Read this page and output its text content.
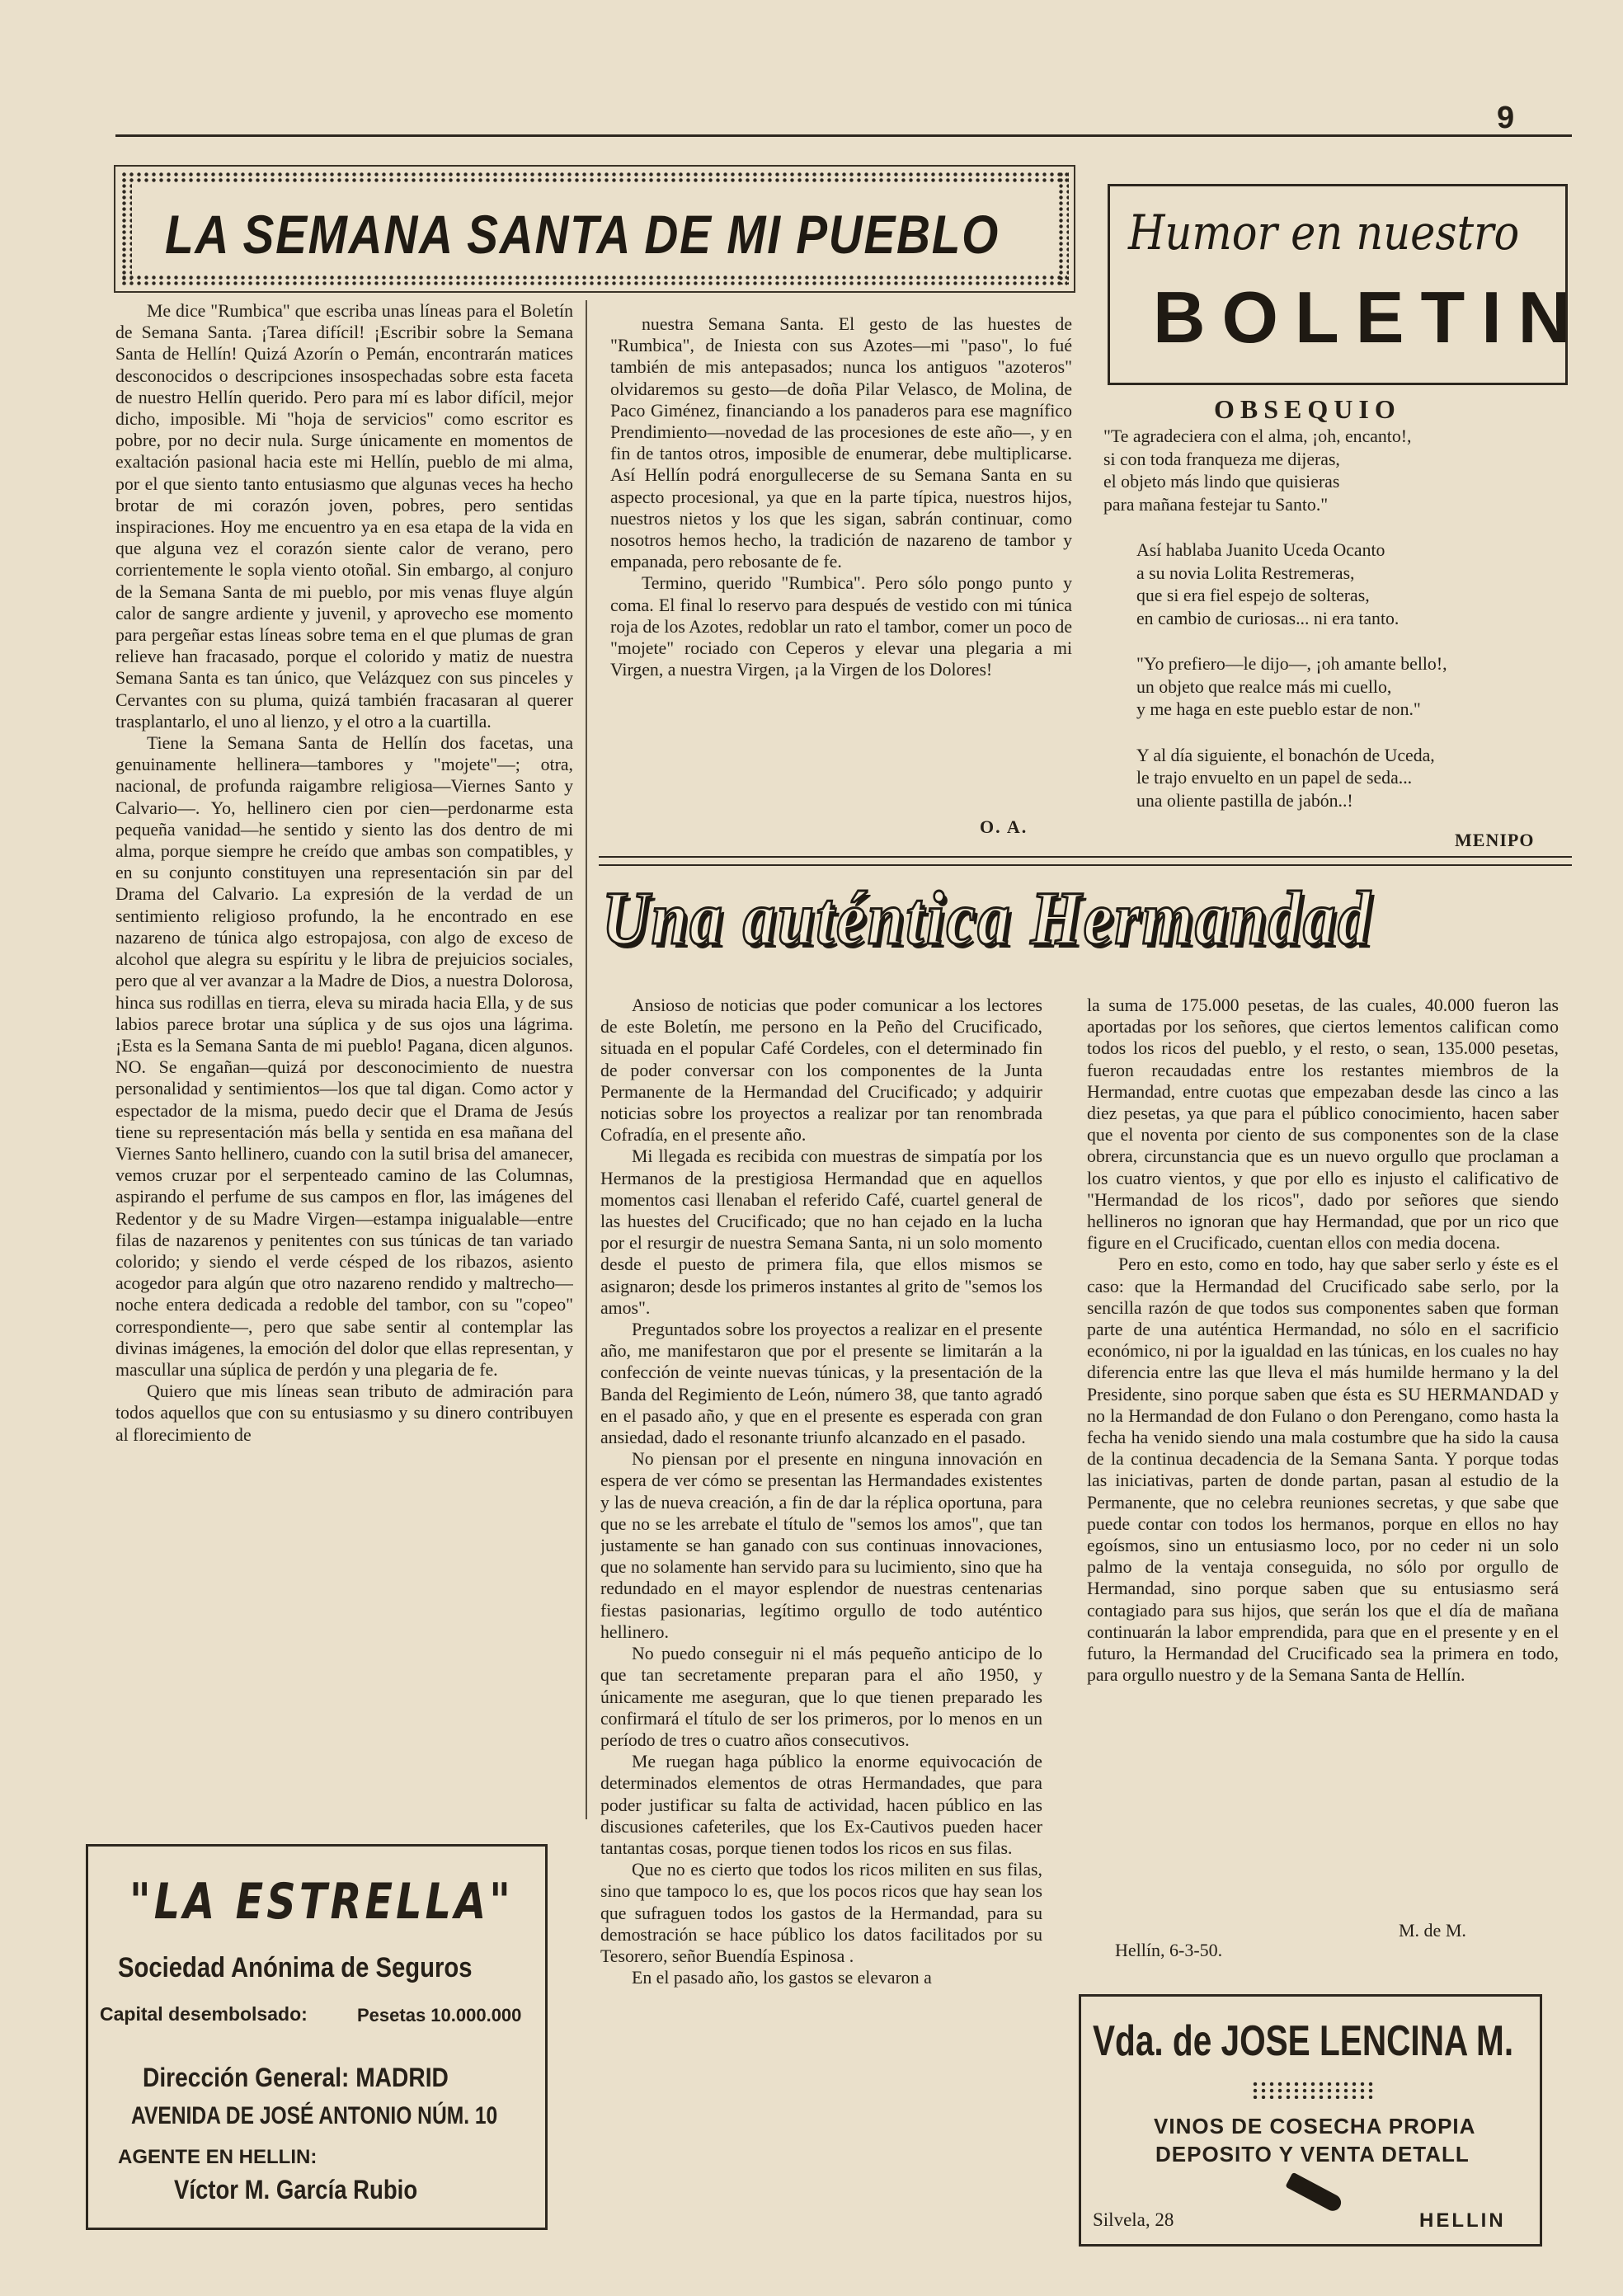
9
LA SEMANA SANTA DE MI PUEBLO

Me dice "Rumbica" que escriba unas líneas para el Boletín de Semana Santa. ¡Tarea difícil! ¡Escribir sobre la Semana Santa de Hellín! Quizá Azorín o Pemán, encontrarán matices desconocidos o descripciones insospechadas sobre esta faceta de nuestro Hellín querido. Pero para mí es labor difícil, mejor dicho, imposible. Mi "hoja de servicios" como escritor es pobre, por no decir nula. Surge únicamente en momentos de exaltación pasional hacia este mi Hellín, pueblo de mi alma, por el que siento tanto entusiasmo que algunas veces ha hecho brotar de mi corazón joven, pobres, pero sentidas inspiraciones. Hoy me encuentro ya en esa etapa de la vida en que alguna vez el corazón siente calor de verano, pero corrientemente le sopla viento otoñal. Sin embargo, al conjuro de la Semana Santa de mi pueblo, por mis venas fluye algún calor de sangre ardiente y juvenil, y aprovecho ese momento para pergeñar estas líneas sobre tema en el que plumas de gran relieve han fracasado, porque el colorido y matiz de nuestra Semana Santa es tan único, que Velázquez con sus pinceles y Cervantes con su pluma, quizá también fracasaran al querer trasplantarlo, el uno al lienzo, y el otro a la cuartilla.

Tiene la Semana Santa de Hellín dos facetas, una genuinamente hellinera—tambores y "mojete"—; otra, nacional, de profunda raigambre religiosa—Viernes Santo y Calvario—. Yo, hellinero cien por cien—perdonarme esta pequeña vanidad—he sentido y siento las dos dentro de mi alma, porque siempre he creído que ambas son compatibles, y en su conjunto constituyen una representación sin par del Drama del Calvario. La expresión de la verdad de un sentimiento religioso profundo, la he encontrado en ese nazareno de túnica algo estropajosa, con algo de exceso de alcohol que alegra su espíritu y le libra de prejuicios sociales, pero que al ver avanzar a la Madre de Dios, a nuestra Dolorosa, hinca sus rodillas en tierra, eleva su mirada hacia Ella, y de sus labios parece brotar una súplica y de sus ojos una lágrima. ¡Esta es la Semana Santa de mi pueblo! Pagana, dicen algunos. NO. Se engañan—quizá por desconocimiento de nuestra personalidad y sentimientos—los que tal digan. Como actor y espectador de la misma, puedo decir que el Drama de Jesús tiene su representación más bella y sentida en esa mañana del Viernes Santo hellinero, cuando con la sutil brisa del amanecer, vemos cruzar por el serpenteado camino de las Columnas, aspirando el perfume de sus campos en flor, las imágenes del Redentor y de su Madre Virgen—estampa inigualable—entre filas de nazarenos y penitentes con sus túnicas de tan variado colorido; y siendo el verde césped de los ribazos, asiento acogedor para algún que otro nazareno rendido y maltrecho—noche entera dedicada a redoble del tambor, con su "copeo" correspondiente—, pero que sabe sentir al contemplar las divinas imágenes, la emoción del dolor que ellas representan, y mascullar una súplica de perdón y una plegaria de fe.

Quiero que mis líneas sean tributo de admiración para todos aquellos que con su entusiasmo y su dinero contribuyen al florecimiento de

nuestra Semana Santa. El gesto de las huestes de "Rumbica", de Iniesta con sus Azotes—mi "paso", lo fué también de mis antepasados; nunca los antiguos "azoteros" olvidaremos su gesto—de doña Pilar Velasco, de Molina, de Paco Giménez, financiando a los panaderos para ese magnífico Prendimiento—novedad de las procesiones de este año—, y en fin de tantos otros, imposible de enumerar, debe multiplicarse. Así Hellín podrá enorgullecerse de su Semana Santa en su aspecto procesional, ya que en la parte típica, nuestros hijos, nuestros nietos y los que les sigan, sabrán continuar, como nosotros hemos hecho, la tradición de nazareno de tambor y empanada, pero rebosante de fe.

Termino, querido "Rumbica". Pero sólo pongo punto y coma. El final lo reservo para después de vestido con mi túnica roja de los Azotes, redoblar un rato el tambor, comer un poco de "mojete" rociado con Ceperos y elevar una plegaria a mi Virgen, a nuestra Virgen, ¡a la Virgen de los Dolores!

O. A.
Humor en nuestro
BOLETIN
OBSEQUIO
"Te agradeciera con el alma, ¡oh, encanto!,
si con toda franqueza me dijeras,
el objeto más lindo que quisieras
para mañana festejar tu Santo."
Así hablaba Juanito Uceda Ocanto
a su novia Lolita Restremeras,
que si era fiel espejo de solteras,
en cambio de curiosas... ni era tanto.
"Yo prefiero—le dijo—, ¡oh amante bello!,
un objeto que realce más mi cuello,
y me haga en este pueblo estar de non."
Y al día siguiente, el bonachón de Uceda,
le trajo envuelto en un papel de seda...
una oliente pastilla de jabón..!
MENIPO
Una auténtica Hermandad

Ansioso de noticias que poder comunicar a los lectores de este Boletín, me persono en la Peño del Crucificado, situada en el popular Café Cordeles, con el determinado fin de poder conversar con los componentes de la Junta Permanente de la Hermandad del Crucificado; y adquirir noticias sobre los proyectos a realizar por tan renombrada Cofradía, en el presente año.

Mi llegada es recibida con muestras de simpatía por los Hermanos de la prestigiosa Hermandad que en aquellos momentos casi llenaban el referido Café, cuartel general de las huestes del Crucificado; que no han cejado en la lucha por el resurgir de nuestra Semana Santa, ni un solo momento desde el puesto de primera fila, que ellos mismos se asignaron; desde los primeros instantes al grito de "semos los amos".

Preguntados sobre los proyectos a realizar en el presente año, me manifestaron que por el presente se limitarán a la confección de veinte nuevas túnicas, y la presentación de la Banda del Regimiento de León, número 38, que tanto agradó en el pasado año, y que en el presente es esperada con gran ansiedad, dado el resonante triunfo alcanzado en el pasado.

No piensan por el presente en ninguna innovación en espera de ver cómo se presentan las Hermandades existentes y las de nueva creación, a fin de dar la réplica oportuna, para que no se les arrebate el título de "semos los amos", que tan justamente se han ganado con sus continuas innovaciones, que no solamente han servido para su lucimiento, sino que ha redundado en el mayor esplendor de nuestras centenarias fiestas pasionarias, legítimo orgullo de todo auténtico hellinero.

No puedo conseguir ni el más pequeño anticipo de lo que tan secretamente preparan para el año 1950, y únicamente me aseguran, que lo que tienen preparado les confirmará el título de ser los primeros, por lo menos en un período de tres o cuatro años consecutivos.

Me ruegan haga público la enorme equivocación de determinados elementos de otras Hermandades, que para poder justificar su falta de actividad, hacen público en las discusiones cafeteriles, que los Ex-Cautivos pueden hacer tantantas cosas, porque tienen todos los ricos en sus filas.

Que no es cierto que todos los ricos militen en sus filas, sino que tampoco lo es, que los pocos ricos que hay sean los que sufraguen todos los gastos de la Hermandad, para su demostración se hace público los datos facilitados por su Tesorero, señor Buendía Espinosa .

En el pasado año, los gastos se elevaron a

la suma de 175.000 pesetas, de las cuales, 40.000 fueron las aportadas por los señores, que ciertos lementos califican como todos los ricos del pueblo, y el resto, o sean, 135.000 pesetas, fueron recaudadas entre los restantes miembros de la Hermandad, entre cuotas que empezaban desde las cinco a las diez pesetas, ya que para el público conocimiento, hacen saber que el noventa por ciento de sus componentes son de la clase obrera, circunstancia que es un nuevo orgullo que proclaman a los cuatro vientos, y que por ello es injusto el calificativo de "Hermandad de los ricos", dado por señores que siendo hellineros no ignoran que hay Hermandad, que por un rico que figure en el Crucificado, cuentan ellos con media docena.

Pero en esto, como en todo, hay que saber serlo y éste es el caso: que la Hermandad del Crucificado sabe serlo, por la sencilla razón de que todos sus componentes saben que forman parte de una auténtica Hermandad, no sólo en el sacrificio económico, ni por la igualdad en las túnicas, en los cuales no hay diferencia entre las que lleva el más humilde hermano y la del Presidente, sino porque saben que ésta es SU HERMANDAD y no la Hermandad de don Fulano o don Perengano, como hasta la fecha ha venido siendo una mala costumbre que ha sido la causa de la continua decadencia de la Semana Santa. Y porque todas las iniciativas, parten de donde partan, pasan al estudio de la Permanente, que no celebra reuniones secretas, y que sabe que puede contar con todos los hermanos, porque en ellos no hay egoísmos, sino un entusiasmo loco, por no ceder ni un solo palmo de la ventaja conseguida, no sólo por orgullo de Hermandad, sino porque saben que su entusiasmo será contagiado para sus hijos, que serán los que el día de mañana continuarán la labor emprendida, para que en el presente y en el futuro, la Hermandad del Crucificado sea la primera en todo, para orgullo nuestro y de la Semana Santa de Hellín.

M. de M.
Hellín, 6-3-50.
"LA ESTRELLA"
Sociedad Anónima de Seguros
Capital desembolsado:	Pesetas 10.000.000
Dirección General: MADRID
AVENIDA DE JOSÉ ANTONIO NÚM. 10
AGENTE EN HELLIN:
Víctor M. García Rubio
Vda. de JOSE LENCINA M.
VINOS DE COSECHA PROPIA
DEPOSITO Y VENTA DETALL
Silvela, 28	HELLIN
